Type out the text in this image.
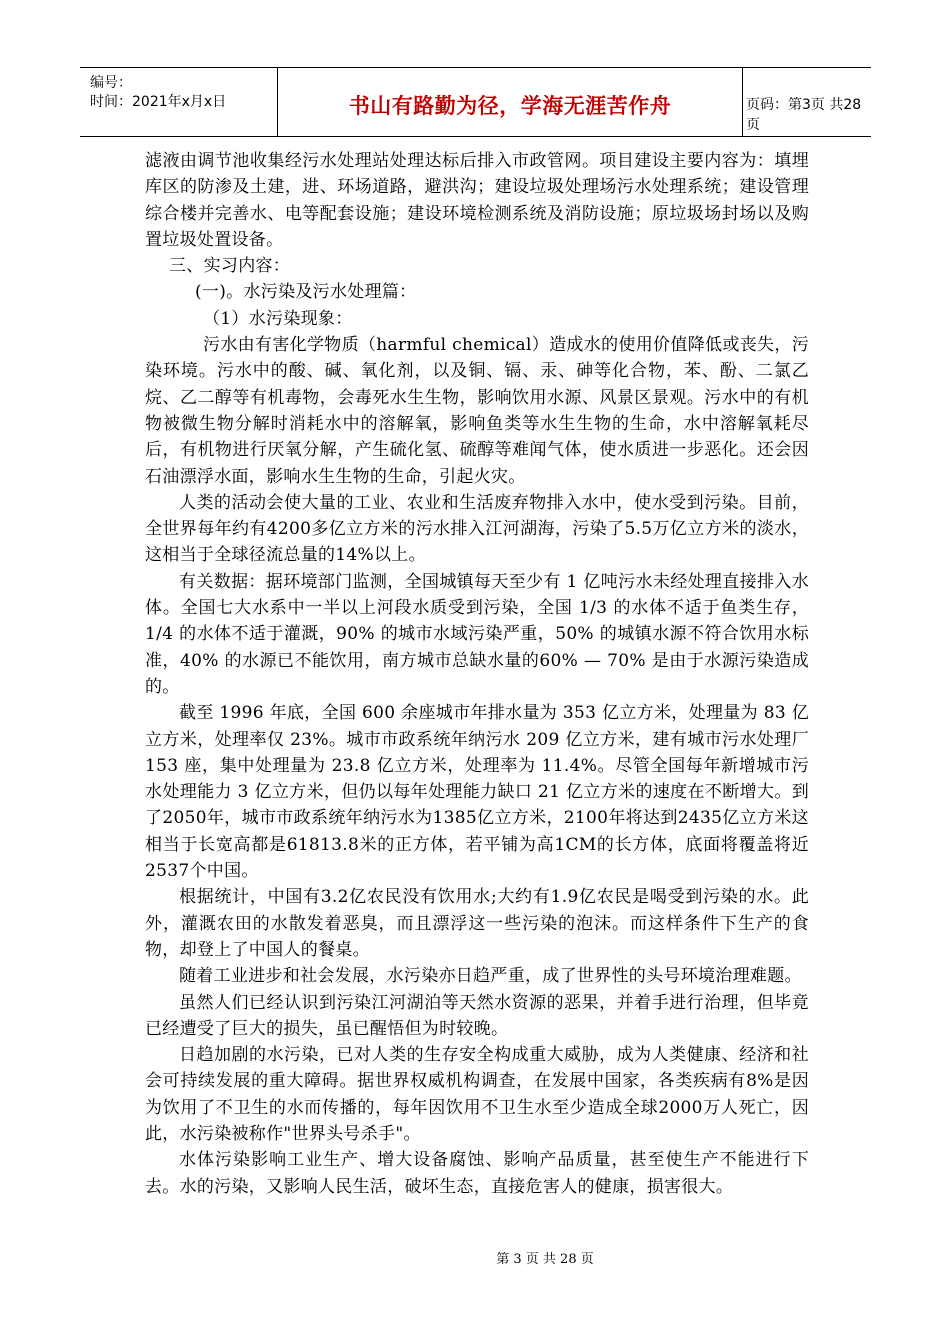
编号：
时间：2021年x月x日	书山有路勤为径，学海无涯苦作舟	页码：第3页 共28页

滤液由调节池收集经污水处理站处理达标后排入市政管网。项目建设主要内容为：填埋库区的防渗及土建，进、环场道路，避洪沟；建设垃圾处理场污水处理系统；建设管理综合楼并完善水、电等配套设施；建设环境检测系统及消防设施；原垃圾场封场以及购置垃圾处置设备。

三、实习内容：

(一)。水污染及污水处理篇：

（1）水污染现象：

污水由有害化学物质（harmful chemical）造成水的使用价值降低或丧失，污染环境。污水中的酸、碱、氧化剂，以及铜、镉、汞、砷等化合物，苯、酚、二氯乙烷、乙二醇等有机毒物，会毒死水生生物，影响饮用水源、风景区景观。污水中的有机物被微生物分解时消耗水中的溶解氧，影响鱼类等水生生物的生命，水中溶解氧耗尽后，有机物进行厌氧分解，产生硫化氢、硫醇等难闻气体，使水质进一步恶化。还会因石油漂浮水面，影响水生生物的生命，引起火灾。

人类的活动会使大量的工业、农业和生活废弃物排入水中，使水受到污染。目前，全世界每年约有4200多亿立方米的污水排入江河湖海，污染了5.5万亿立方米的淡水，这相当于全球径流总量的14%以上。

有关数据：据环境部门监测，全国城镇每天至少有 1 亿吨污水未经处理直接排入水体。全国七大水系中一半以上河段水质受到污染，全国 1/3 的水体不适于鱼类生存，1/4 的水体不适于灌溉，90% 的城市水域污染严重，50% 的城镇水源不符合饮用水标准，40% 的水源已不能饮用，南方城市总缺水量的60% — 70% 是由于水源污染造成的。

截至 1996 年底，全国 600 余座城市年排水量为 353 亿立方米，处理量为 83 亿立方米，处理率仅 23%。城市市政系统年纳污水 209 亿立方米，建有城市污水处理厂 153 座，集中处理量为 23.8 亿立方米，处理率为 11.4%。尽管全国每年新增城市污水处理能力 3 亿立方米，但仍以每年处理能力缺口 21 亿立方米的速度在不断增大。到了2050年，城市市政系统年纳污水为1385亿立方米，2100年将达到2435亿立方米这相当于长宽高都是61813.8米的正方体，若平铺为高1CM的长方体，底面将覆盖将近2537个中国。

根据统计，中国有3.2亿农民没有饮用水;大约有1.9亿农民是喝受到污染的水。此外，灌溉农田的水散发着恶臭，而且漂浮这一些污染的泡沫。而这样条件下生产的食物，却登上了中国人的餐桌。

随着工业进步和社会发展，水污染亦日趋严重，成了世界性的头号环境治理难题。

虽然人们已经认识到污染江河湖泊等天然水资源的恶果，并着手进行治理，但毕竟已经遭受了巨大的损失，虽已醒悟但为时较晚。

日趋加剧的水污染，已对人类的生存安全构成重大威胁，成为人类健康、经济和社会可持续发展的重大障碍。据世界权威机构调查，在发展中国家，各类疾病有8%是因为饮用了不卫生的水而传播的，每年因饮用不卫生水至少造成全球2000万人死亡，因此，水污染被称作"世界头号杀手"。

水体污染影响工业生产、增大设备腐蚀、影响产品质量，甚至使生产不能进行下去。水的污染，又影响人民生活，破坏生态，直接危害人的健康，损害很大。

第 3 页 共 28 页
